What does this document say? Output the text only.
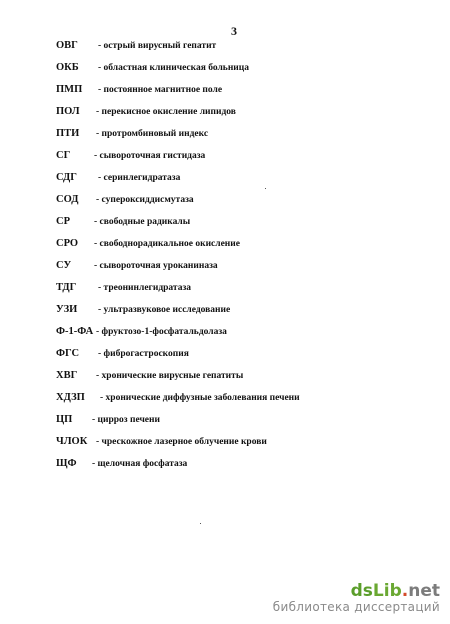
3
ОВГ - острый вирусный гепатит
ОКБ - областная клиническая больница
ПМП - постоянное магнитное поле
ПОЛ - перекисное окисление липидов
ПТИ - протромбиновый индекс
СГ - сывороточная гистидаза
СДГ - серинлегидратаза
СОД - супероксиддисмутаза
СР	- свободные радикалы
СРО - свободнорадикальное окисление
СУ - сывороточная уроканиназа
ТДГ - треонинлегидратаза
УЗИ - ультразвуковое исследование
Ф-1-ФА - фруктозо-1-фосфатальдолаза
ФГС - фиброгастроскопия
ХВГ - хронические вирусные гепатиты
ХДЗП - хронические диффузные заболевания печени
ЦП - цирроз печени
ЧЛОК - чрескожное лазерное облучение крови
ЩФ - щелочная фосфатаза
dsLib.net
библиотека диссертаций
